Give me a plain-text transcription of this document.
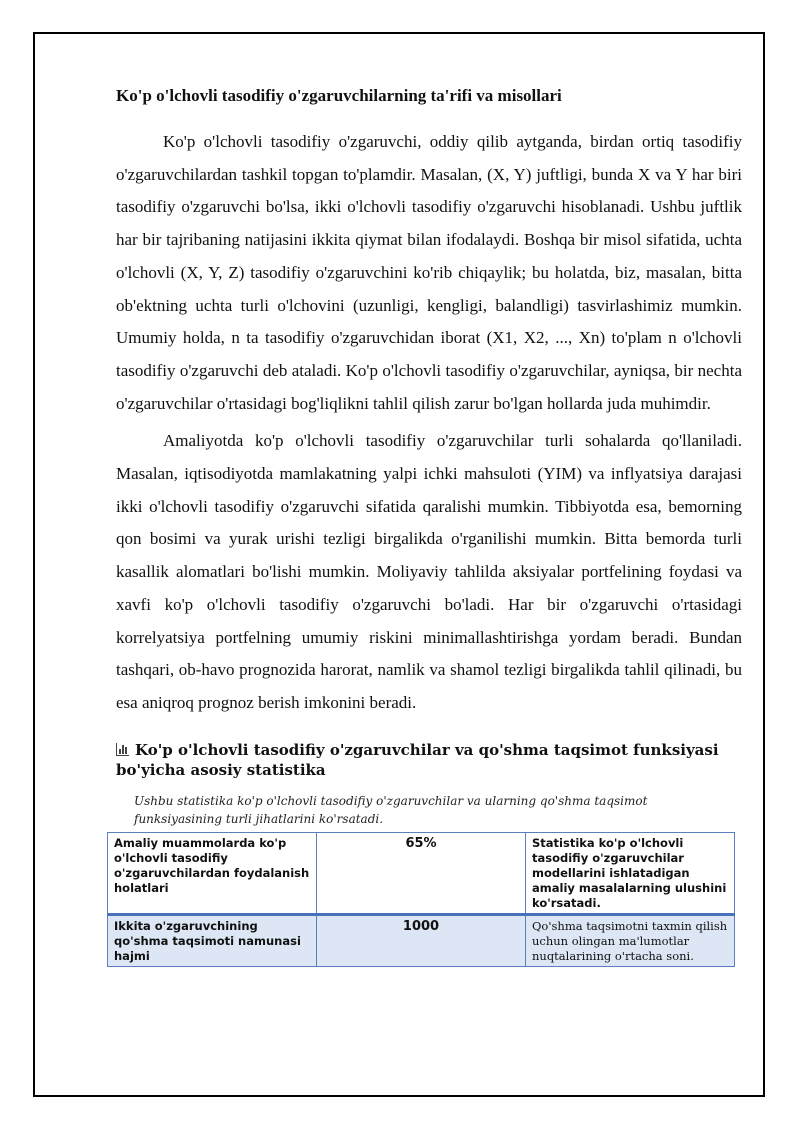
Ko'p o'lchovli tasodifiy o'zgaruvchilarning ta'rifi va misollari

Ko'p o'lchovli tasodifiy o'zgaruvchi, oddiy qilib aytganda, birdan ortiq tasodifiy o'zgaruvchilardan tashkil topgan to'plamdir. Masalan, (X, Y) juftligi, bunda X va Y har biri tasodifiy o'zgaruvchi bo'lsa, ikki o'lchovli tasodifiy o'zgaruvchi hisoblanadi. Ushbu juftlik har bir tajribaning natijasini ikkita qiymat bilan ifodalaydi. Boshqa bir misol sifatida, uchta o'lchovli (X, Y, Z) tasodifiy o'zgaruvchini ko'rib chiqaylik; bu holatda, biz, masalan, bitta ob'ektning uchta turli o'lchovini (uzunligi, kengligi, balandligi) tasvirlashimiz mumkin. Umumiy holda, n ta tasodifiy o'zgaruvchidan iborat (X1, X2, ..., Xn) to'plam n o'lchovli tasodifiy o'zgaruvchi deb ataladi. Ko'p o'lchovli tasodifiy o'zgaruvchilar, ayniqsa, bir nechta o'zgaruvchilar o'rtasidagi bog'liqlikni tahlil qilish zarur bo'lgan hollarda juda muhimdir.

Amaliyotda ko'p o'lchovli tasodifiy o'zgaruvchilar turli sohalarda qo'llaniladi. Masalan, iqtisodiyotda mamlakatning yalpi ichki mahsuloti (YIM) va inflyatsiya darajasi ikki o'lchovli tasodifiy o'zgaruvchi sifatida qaralishi mumkin. Tibbiyotda esa, bemorning qon bosimi va yurak urishi tezligi birgalikda o'rganilishi mumkin. Bitta bemorda turli kasallik alomatlari bo'lishi mumkin. Moliyaviy tahlilda aksiyalar portfelining foydasi va xavfi ko'p o'lchovli tasodifiy o'zgaruvchi bo'ladi. Har bir o'zgaruvchi o'rtasidagi korrelyatsiya portfelning umumiy riskini minimallashtirishga yordam beradi. Bundan tashqari, ob-havo prognozida harorat, namlik va shamol tezligi birgalikda tahlil qilinadi, bu esa aniqroq prognoz berish imkonini beradi.

Ko'p o'lchovli tasodifiy o'zgaruvchilar va qo'shma taqsimot funksiyasi bo'yicha asosiy statistika
Ushbu statistika ko'p o'lchovli tasodifiy o'zgaruvchilar va ularning qo'shma taqsimot funksiyasining turli jihatlarini ko'rsatadi.
Amaliy muammolarda ko'p o'lchovli tasodifiy o'zgaruvchilardan foydalanish holatlari	65%	Statistika ko'p o'lchovli tasodifiy o'zgaruvchilar modellarini ishlatadigan amaliy masalalarning ulushini ko'rsatadi.
Ikkita o'zgaruvchining qo'shma taqsimoti namunasi hajmi	1000	Qo'shma taqsimotni taxmin qilish uchun olingan ma'lumotlar nuqtalarining o'rtacha soni.
